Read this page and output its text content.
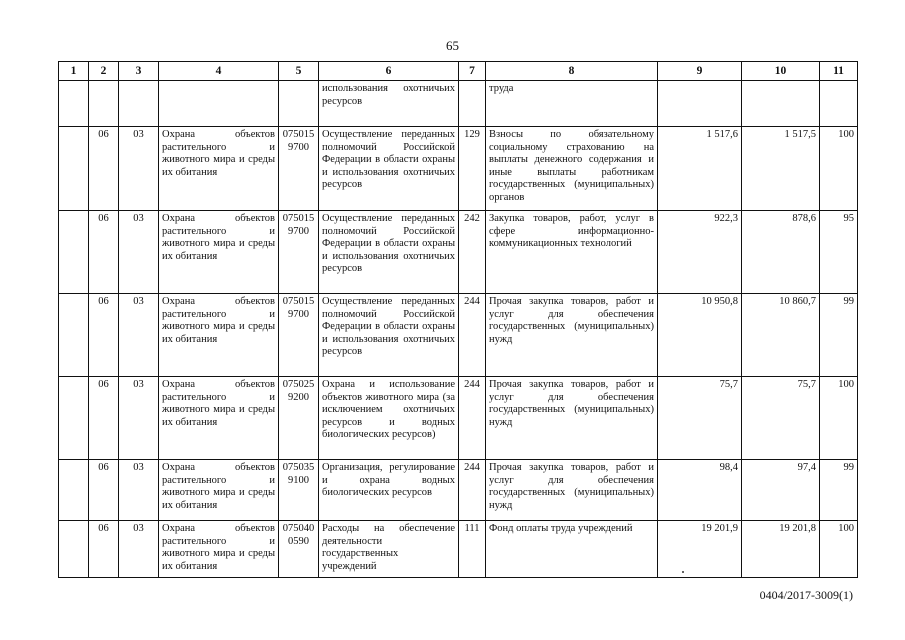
65
1	2	3	4	5	6	7	8	9	10	11
					использования охотничьих ресурсов		труда			
	06	03	Охрана объектов растительного и животного мира и среды их обитания	075015 9700	Осуществление переданных полномочий Российской Федерации в области охраны и использования охотничьих ресурсов	129	Взносы по обязательному социальному страхованию на выплаты денежного содержания и иные выплаты работникам государственных (муниципальных) органов	1 517,6	1 517,5	100
	06	03	Охрана объектов растительного и животного мира и среды их обитания	075015 9700	Осуществление переданных полномочий Российской Федерации в области охраны и использования охотничьих ресурсов	242	Закупка товаров, работ, услуг в сфере информационно-коммуникационных технологий	922,3	878,6	95
	06	03	Охрана объектов растительного и животного мира и среды их обитания	075015 9700	Осуществление переданных полномочий Российской Федерации в области охраны и использования охотничьих ресурсов	244	Прочая закупка товаров, работ и услуг для обеспечения государственных (муниципальных) нужд	10 950,8	10 860,7	99
	06	03	Охрана объектов растительного и животного мира и среды их обитания	075025 9200	Охрана и использование объектов животного мира (за исключением охотничьих ресурсов и водных биологических ресурсов)	244	Прочая закупка товаров, работ и услуг для обеспечения государственных (муниципальных) нужд	75,7	75,7	100
	06	03	Охрана объектов растительного и животного мира и среды их обитания	075035 9100	Организация, регулирование и охрана водных биологических ресурсов	244	Прочая закупка товаров, работ и услуг для обеспечения государственных (муниципальных) нужд	98,4	97,4	99
	06	03	Охрана объектов растительного и животного мира и среды их обитания	075040 0590	Расходы на обеспечение деятельности государственных учреждений	111	Фонд оплаты труда учреждений	19 201,9	19 201,8	100
0404/2017-3009(1)
